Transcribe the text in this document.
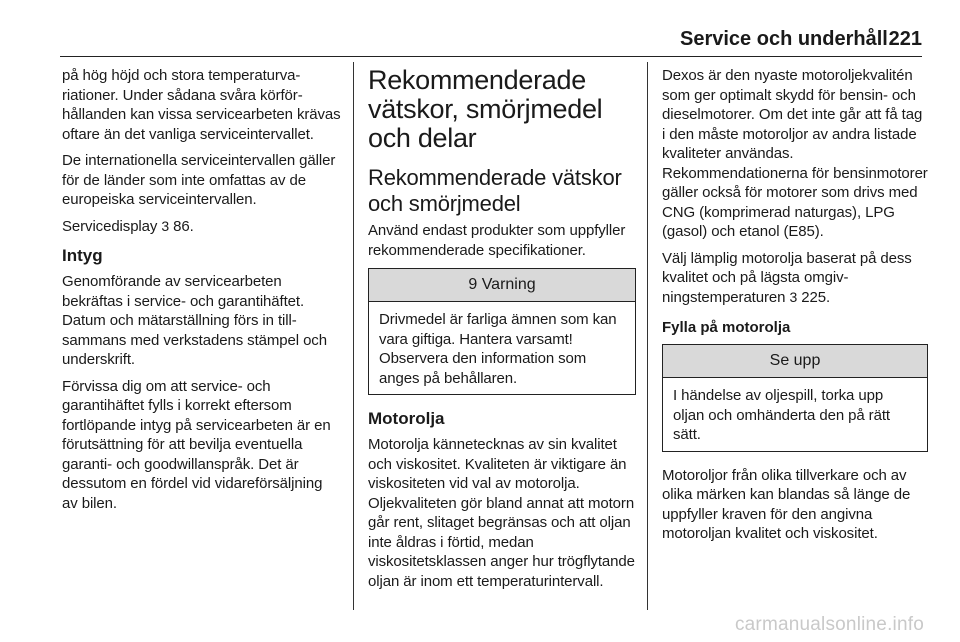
Service och underhåll 221

på hög höjd och stora temperaturvariationer. Under sådana svåra körförhållanden kan vissa servicearbeten krävas oftare än det vanliga serviceintervallet.

De internationella serviceintervallen gäller för de länder som inte omfattas av de europeiska serviceintervallen.

Servicedisplay 3 86.

Intyg

Genomförande av servicearbeten bekräftas i service- och garantihäftet. Datum och mätarställning förs in tillsammans med verkstadens stämpel och underskrift.

Förvissa dig om att service- och garantihäftet fylls i korrekt eftersom fortlöpande intyg på servicearbeten är en förutsättning för att bevilja eventuella garanti- och goodwillanspråk. Det är dessutom en fördel vid vidareförsäljning av bilen.

Rekommenderade vätskor, smörjmedel och delar
Rekommenderade vätskor och smörjmedel

Använd endast produkter som uppfyller rekommenderade specifikationer.

9 Varning

Drivmedel är farliga ämnen som kan vara giftiga. Hantera varsamt! Observera den information som anges på behållaren.

Motorolja

Motorolja kännetecknas av sin kvalitet och viskositet. Kvaliteten är viktigare än viskositeten vid val av motorolja. Oljekvaliteten gör bland annat att motorn går rent, slitaget begränsas och att oljan inte åldras i förtid, medan viskositetsklassen anger hur trögflytande oljan är inom ett temperaturintervall.

Dexos är den nyaste motoroljekvalitén som ger optimalt skydd för bensin- och dieselmotorer. Om det inte går att få tag i den måste motoroljor av andra listade kvaliteter användas. Rekommendationerna för bensinmotorer gäller också för motorer som drivs med CNG (komprimerad naturgas), LPG (gasol) och etanol (E85).

Välj lämplig motorolja baserat på dess kvalitet och på lägsta omgivningstemperaturen 3 225.

Fylla på motorolja
Se upp

I händelse av oljespill, torka upp oljan och omhänderta den på rätt sätt.

Motoroljor från olika tillverkare och av olika märken kan blandas så länge de uppfyller kraven för den angivna motoroljan kvalitet och viskositet.

carmanualsonline.info
